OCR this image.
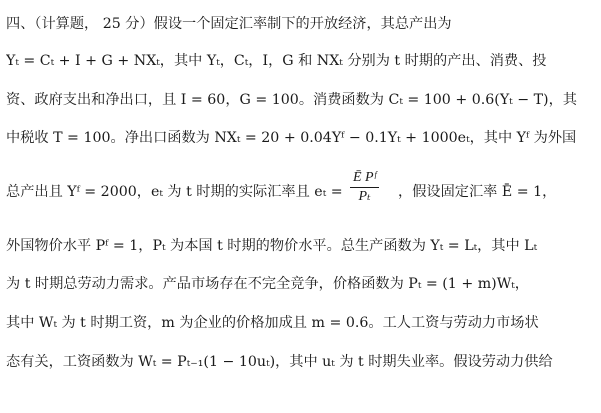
四、（计算题， 25 分）假设一个固定汇率制下的开放经济，其总产出为
Yₜ = Cₜ + I + G + NXₜ，其中 Yₜ，Cₜ，I，G 和 NXₜ 分别为 t 时期的产出、消费、投
资、政府支出和净出口，且 I = 60，G = 100。消费函数为 Cₜ = 100 + 0.6(Yₜ − T)，其
中税收 T = 100。净出口函数为 NXₜ = 20 + 0.04Yᶠ − 0.1Yₜ + 1000eₜ，其中 Yᶠ 为外国
总产出且 Yᶠ = 2000，eₜ 为 t 时期的实际汇率且 $e_t = \frac{\text{Ē Pᶠ}}{\text{Pₜ}}$ ，假设固定汇率 Ē = 1，
外国物价水平 Pᶠ = 1，Pₜ 为本国 t 时期的物价水平。总生产函数为 Yₜ = Lₜ，其中 Lₜ
为 t 时期总劳动力需求。产品市场存在不完全竞争，价格函数为 Pₜ = (1 + m)Wₜ，
其中 Wₜ 为 t 时期工资，m 为企业的价格加成且 m = 0.6。工人工资与劳动力市场状
态有关，工资函数为 Wₜ = Pₜ₋₁(1 − 10uₜ)，其中 uₜ 为 t 时期失业率。假设劳动力供给
